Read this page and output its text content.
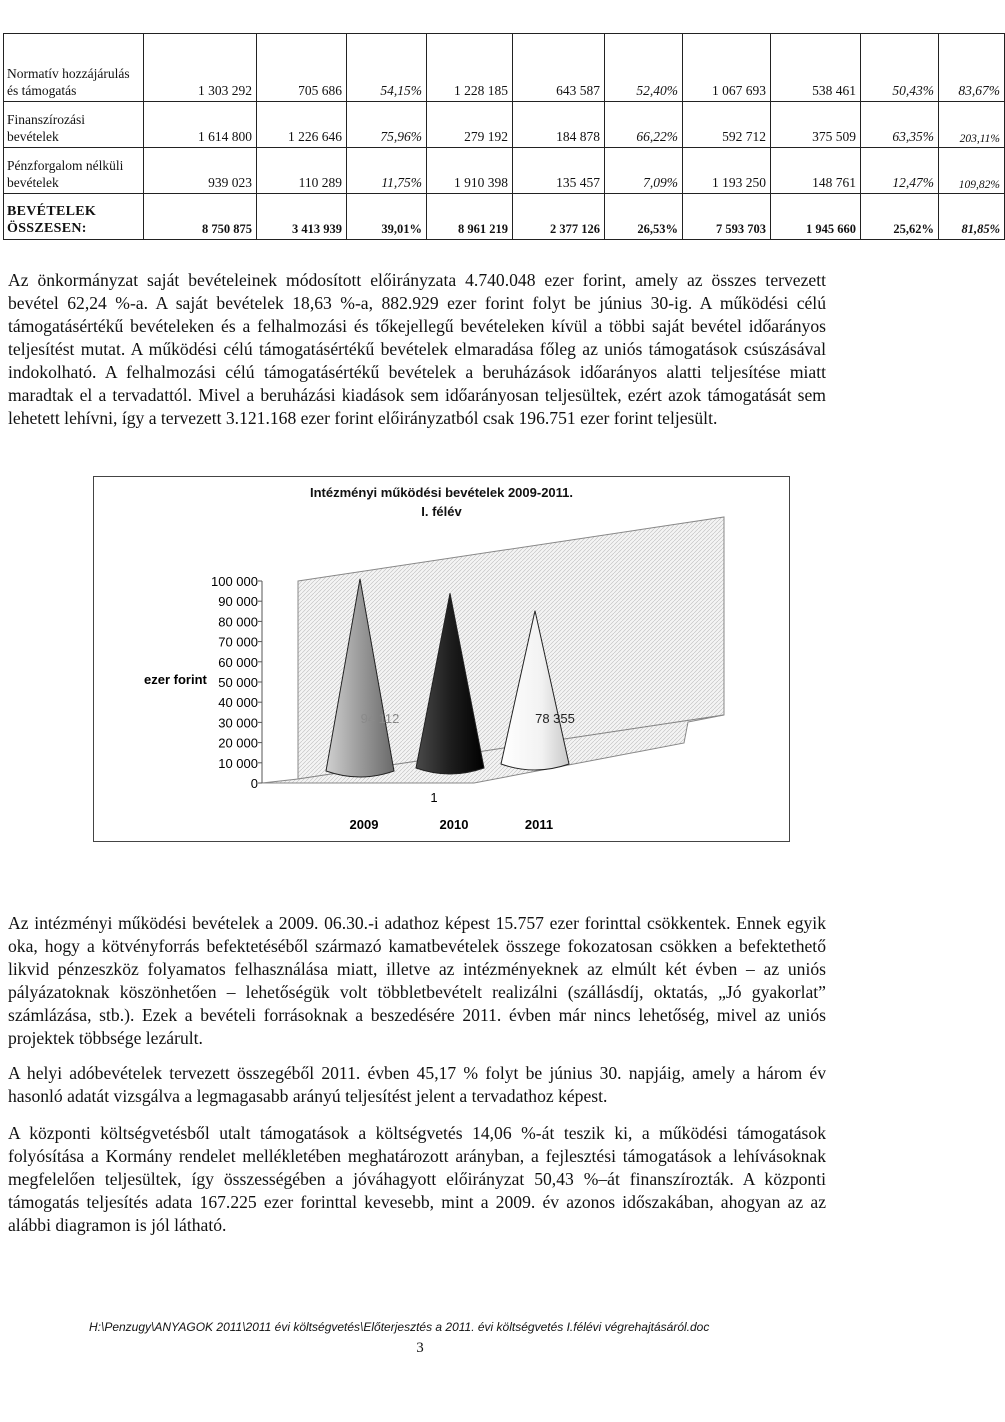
Normatív hozzájárulás és támogatás	1 303 292	705 686	54,15%	1 228 185	643 587	52,40%	1 067 693	538 461	50,43%	83,67%
Finanszírozási bevételek	1 614 800	1 226 646	75,96%	279 192	184 878	66,22%	592 712	375 509	63,35%	203,11%
Pénzforgalom nélküli bevételek	939 023	110 289	11,75%	1 910 398	135 457	7,09%	1 193 250	148 761	12,47%	109,82%
BEVÉTELEK ÖSSZESEN:	8 750 875	3 413 939	39,01%	8 961 219	2 377 126	26,53%	7 593 703	1 945 660	25,62%	81,85%

Az önkormányzat saját bevételeinek módosított előirányzata 4.740.048 ezer forint, amely az összes tervezett bevétel 62,24 %-a. A saját bevételek 18,63 %-a, 882.929 ezer forint folyt be június 30-ig. A működési célú támogatásértékű bevételeken és a felhalmozási és tőkejellegű bevételeken kívül a többi saját bevétel időarányos teljesítést mutat. A működési célú támogatásértékű bevételek elmaradása főleg az uniós támogatások csúszásával indokolható. A felhalmozási célú támogatásértékű bevételek a beruházások időarányos alatti teljesítése miatt maradtak el a tervadattól. Mivel a beruházási kiadások sem időarányosan teljesültek, ezért azok támogatását sem lehetett lehívni, így a tervezett 3.121.168 ezer forint előirányzatból csak 196.751 ezer forint teljesült.

Intézményi működési bevételek 2009-2011.
I. félév
0
10 000
20 000
30 000
40 000
50 000
60 000
70 000
80 000
90 000
100 000
94 112	78 355
2009	2010	2011
ezer forint
1

Az intézményi működési bevételek a 2009. 06.30.-i adathoz képest 15.757 ezer forinttal csökkentek. Ennek egyik oka, hogy a kötvényforrás befektetéséből származó kamatbevételek összege fokozatosan csökken a befektethető likvid pénzeszköz folyamatos felhasználása miatt, illetve az intézményeknek az elmúlt két évben – az uniós pályázatoknak köszönhetően – lehetőségük volt többletbevételt realizálni (szállásdíj, oktatás, „Jó gyakorlat” számlázása, stb.). Ezek a bevételi forrásoknak a beszedésére 2011. évben már nincs lehetőség, mivel az uniós projektek többsége lezárult.

A helyi adóbevételek tervezett összegéből 2011. évben 45,17 % folyt be június 30. napjáig, amely a három év hasonló adatát vizsgálva a legmagasabb arányú teljesítést jelent a tervadathoz képest.

A központi költségvetésből utalt támogatások a költségvetés 14,06 %-át teszik ki, a működési támogatások folyósítása a Kormány rendelet mellékletében meghatározott arányban, a fejlesztési támogatások a lehívásoknak megfelelően teljesültek, így összességében a jóváhagyott előirányzat 50,43 %–át finanszírozták. A központi támogatás teljesítés adata 167.225 ezer forinttal kevesebb, mint a 2009. év azonos időszakában, ahogyan az az alábbi diagramon is jól látható.

H:\Penzugy\ANYAGOK 2011\2011 évi költségvetés\Előterjesztés a 2011. évi költségvetés I.félévi végrehajtásáról.doc
3
